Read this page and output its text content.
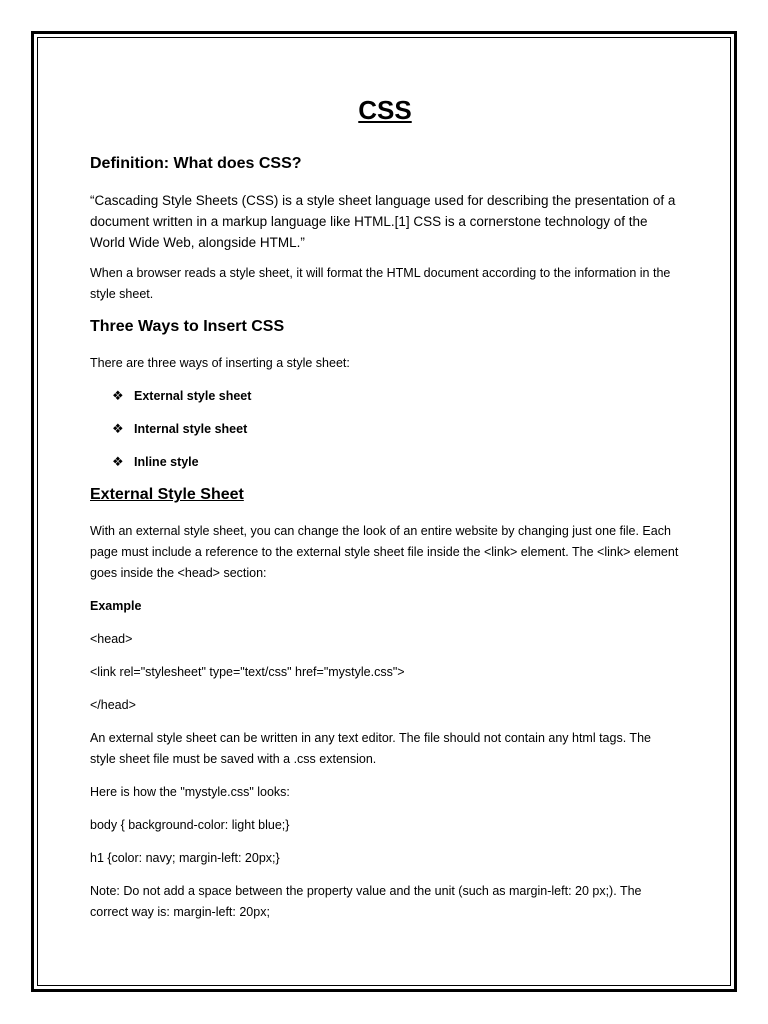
CSS
Definition: What does CSS?

“Cascading Style Sheets (CSS) is a style sheet language used for describing the presentation of a document written in a markup language like HTML.[1] CSS is a cornerstone technology of the World Wide Web, alongside HTML.”

When a browser reads a style sheet, it will format the HTML document according to the information in the style sheet.

Three Ways to Insert CSS

There are three ways of inserting a style sheet:

❖ External style sheet
❖ Internal style sheet
❖ Inline style
External Style Sheet

With an external style sheet, you can change the look of an entire website by changing just one file. Each page must include a reference to the external style sheet file inside the <link> element. The <link> element goes inside the <head> section:

Example

<head>

<link rel="stylesheet" type="text/css" href="mystyle.css">

</head>

An external style sheet can be written in any text editor. The file should not contain any html tags. The style sheet file must be saved with a .css extension.

Here is how the "mystyle.css" looks:

body { background-color: light blue;}

h1 {color: navy; margin-left: 20px;}

Note: Do not add a space between the property value and the unit (such as margin-left: 20 px;). The correct way is: margin-left: 20px;
